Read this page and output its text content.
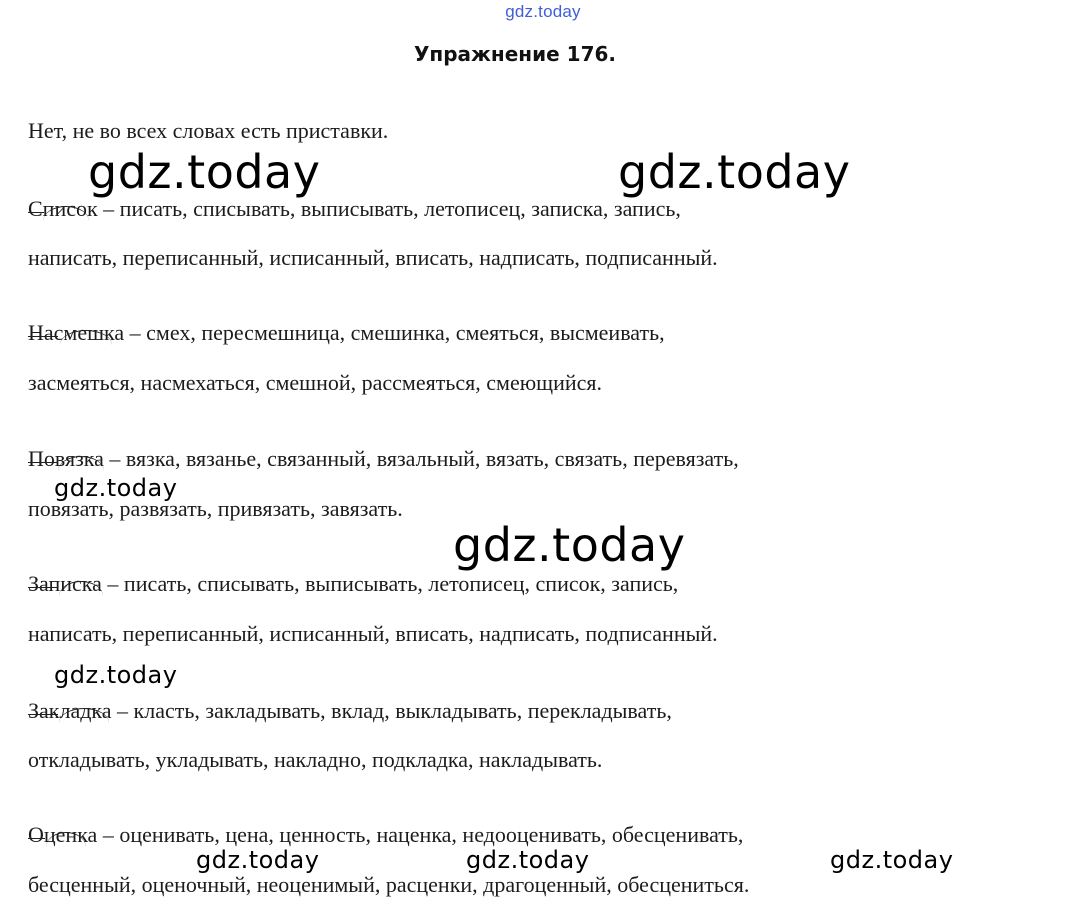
gdz.today
Упражнение 176.
Нет, не во всех словах есть приставки.
Список – писать, списывать, выписывать, летописец, записка, запись,
написать, переписанный, исписанный, вписать, надписать, подписанный.
Насмешка – смех, пересмешница, смешинка, смеяться, высмеивать,
засмеяться, насмехаться, смешной, рассмеяться, смеющийся.
Повязка – вязка, вязанье, связанный, вязальный, вязать, связать, перевязать,
повязать, развязать, привязать, завязать.
Записка – писать, списывать, выписывать, летописец, список, запись,
написать, переписанный, исписанный, вписать, надписать, подписанный.
Закладка – класть, закладывать, вклад, выкладывать, перекладывать,
откладывать, укладывать, накладно, подкладка, накладывать.
Оценка – оценивать, цена, ценность, наценка, недооценивать, обесценивать,
бесценный, оценочный, неоценимый, расценки, драгоценный, обесцениться.
gdz.today	gdz.today
gdz.today
gdz.today
gdz.today
gdz.today	gdz.today	gdz.today
